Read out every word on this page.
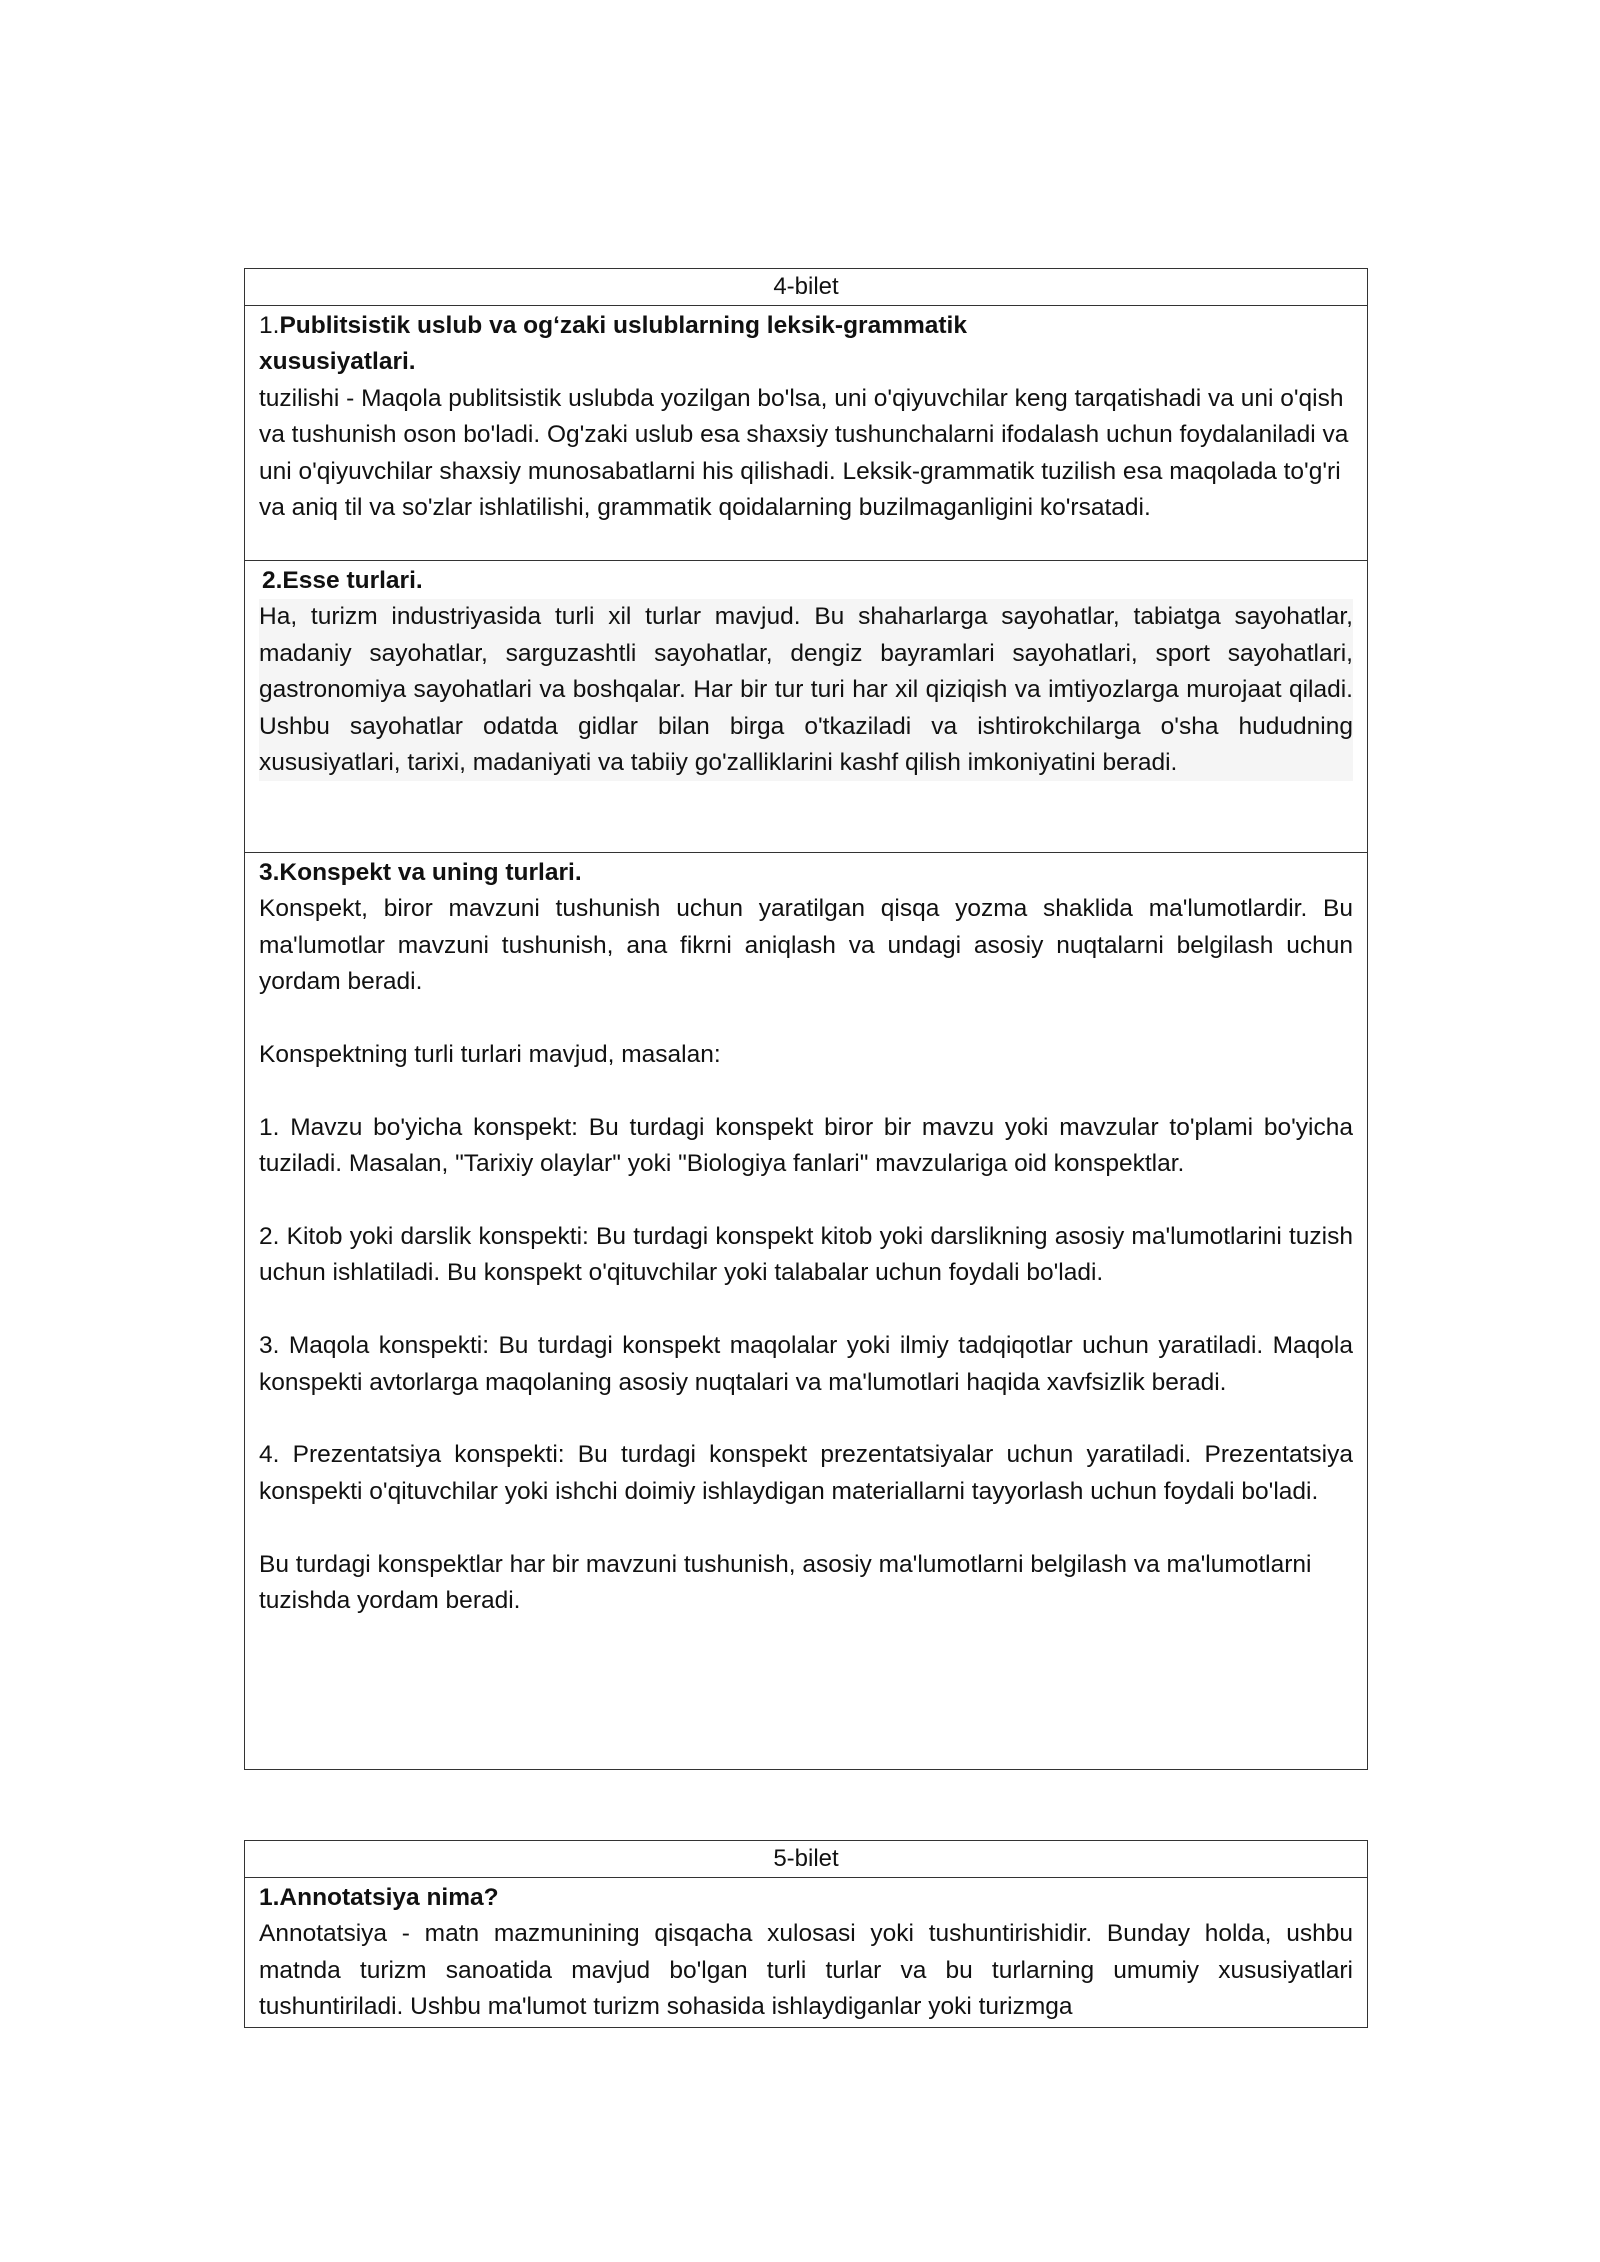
4-bilet
1.Publitsistik uslub va og‘zaki uslublarning leksik-grammatik
xususiyatlari.

tuzilishi - Maqola publitsistik uslubda yozilgan bo'lsa, uni o'qiyuvchilar keng tarqatishadi va uni o'qish va tushunish oson bo'ladi. Og'zaki uslub esa shaxsiy tushunchalarni ifodalash uchun foydalaniladi va uni o'qiyuvchilar shaxsiy munosabatlarni his qilishadi. Leksik-grammatik tuzilish esa maqolada to'g'ri va aniq til va so'zlar ishlatilishi, grammatik qoidalarning buzilmaganligini ko'rsatadi.

2.Esse turlari.

Ha, turizm industriyasida turli xil turlar mavjud. Bu shaharlarga sayohatlar, tabiatga sayohatlar, madaniy sayohatlar, sarguzashtli sayohatlar, dengiz bayramlari sayohatlari, sport sayohatlari, gastronomiya sayohatlari va boshqalar. Har bir tur turi har xil qiziqish va imtiyozlarga murojaat qiladi. Ushbu sayohatlar odatda gidlar bilan birga o'tkaziladi va ishtirokchilarga o'sha hududning xususiyatlari, tarixi, madaniyati va tabiiy go'zalliklarini kashf qilish imkoniyatini beradi.

3.Konspekt va uning turlari.

Konspekt, biror mavzuni tushunish uchun yaratilgan qisqa yozma shaklida ma'lumotlardir. Bu ma'lumotlar mavzuni tushunish, ana fikrni aniqlash va undagi asosiy nuqtalarni belgilash uchun yordam beradi.

Konspektning turli turlari mavjud, masalan:

1. Mavzu bo'yicha konspekt: Bu turdagi konspekt biror bir mavzu yoki mavzular to'plami bo'yicha tuziladi. Masalan, "Tarixiy olaylar" yoki "Biologiya fanlari" mavzulariga oid konspektlar.

2. Kitob yoki darslik konspekti: Bu turdagi konspekt kitob yoki darslikning asosiy ma'lumotlarini tuzish uchun ishlatiladi. Bu konspekt o'qituvchilar yoki talabalar uchun foydali bo'ladi.

3. Maqola konspekti: Bu turdagi konspekt maqolalar yoki ilmiy tadqiqotlar uchun yaratiladi. Maqola konspekti avtorlarga maqolaning asosiy nuqtalari va ma'lumotlari haqida xavfsizlik beradi.

4. Prezentatsiya konspekti: Bu turdagi konspekt prezentatsiyalar uchun yaratiladi. Prezentatsiya konspekti o'qituvchilar yoki ishchi doimiy ishlaydigan materiallarni tayyorlash uchun foydali bo'ladi.

Bu turdagi konspektlar har bir mavzuni tushunish, asosiy ma'lumotlarni belgilash va ma'lumotlarni tuzishda yordam beradi.

5-bilet
1.Annotatsiya nima?

Annotatsiya - matn mazmunining qisqacha xulosasi yoki tushuntirishidir. Bunday holda, ushbu matnda turizm sanoatida mavjud bo'lgan turli turlar va bu turlarning umumiy xususiyatlari tushuntiriladi. Ushbu ma'lumot turizm sohasida ishlaydiganlar yoki turizmga
